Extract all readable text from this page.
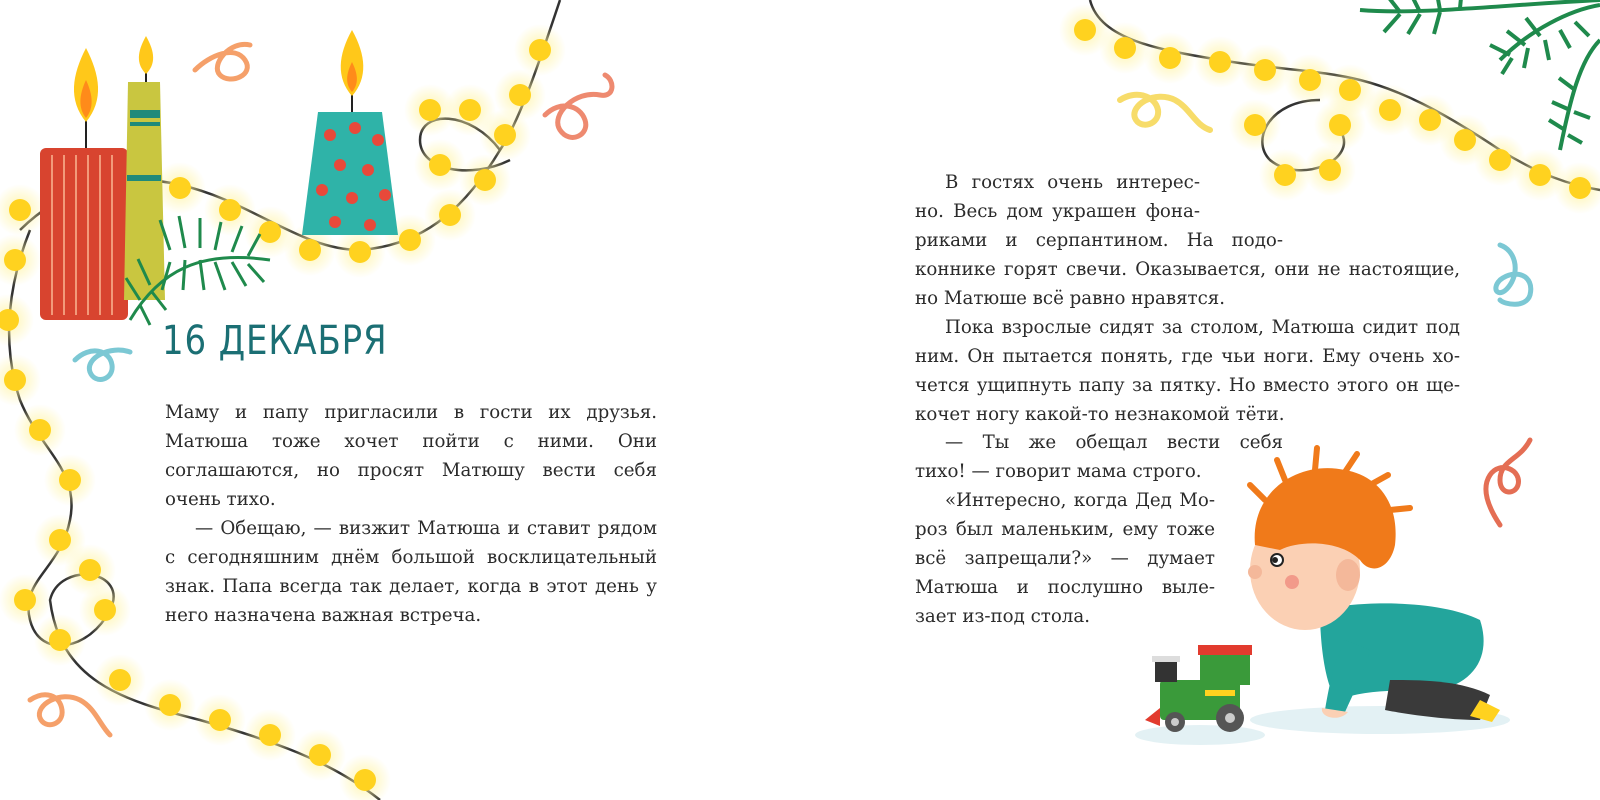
16 ДЕКАБРЯ

Маму и папу пригласили в гости их друзья. Матюша тоже хочет пойти с ними. Они соглашаются, но просят Матюшу вести себя очень тихо.

— Обещаю, — визжит Матюша и ставит рядом с сегодняшним днём большой восклицательный знак. Папа всегда так делает, когда в этот день у него назначена важная встреча.

В гостях очень интерес-
но. Весь дом украшен фона-
риками и серпантином. На подо-
коннике горят свечи. Оказывается, они не настоящие,
но Матюше всё равно нравятся.
Пока взрослые сидят за столом, Матюша сидит под
ним. Он пытается понять, где чьи ноги. Ему очень хо-
чется ущипнуть папу за пятку. Но вместо этого он ще-
кочет ногу какой-то незнакомой тёти.
— Ты же обещал вести себя
тихо! — говорит мама строго.
«Интересно, когда Дед Мо-
роз был маленьким, ему тоже
всё запрещали?» — думает
Матюша и послушно выле-
зает из-под стола.
